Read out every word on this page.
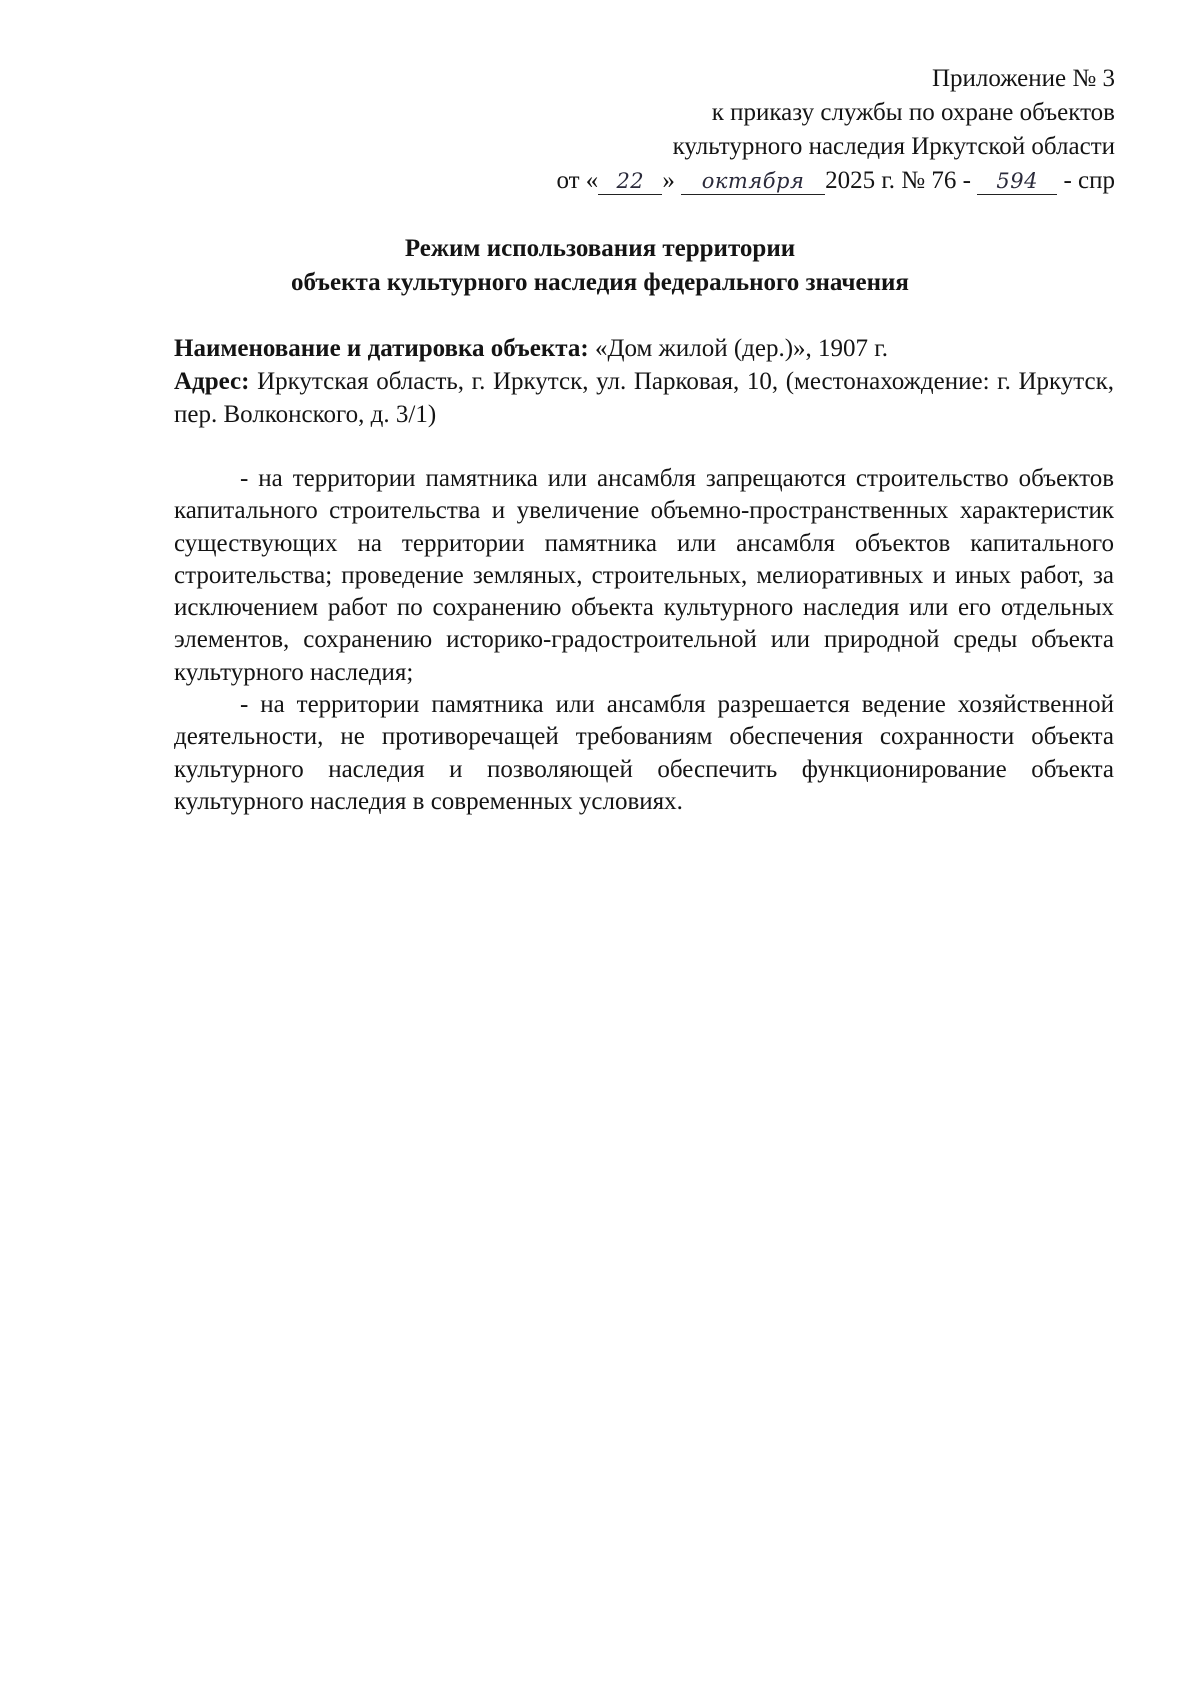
Приложение № 3
к приказу службы по охране объектов
культурного наследия Иркутской области
от « 22 » октября 2025 г. № 76 - 594 - спр
Режим использования территории
объекта культурного наследия федерального значения

Наименование и датировка объекта: «Дом жилой (дер.)», 1907 г.

Адрес: Иркутская область, г. Иркутск, ул. Парковая, 10, (местонахождение: г. Иркутск, пер. Волконского, д. 3/1)

- на территории памятника или ансамбля запрещаются строительство объектов капитального строительства и увеличение объемно-пространственных характеристик существующих на территории памятника или ансамбля объектов капитального строительства; проведение земляных, строительных, мелиоративных и иных работ, за исключением работ по сохранению объекта культурного наследия или его отдельных элементов, сохранению историко-градостроительной или природной среды объекта культурного наследия;

- на территории памятника или ансамбля разрешается ведение хозяйственной деятельности, не противоречащей требованиям обеспечения сохранности объекта культурного наследия и позволяющей обеспечить функционирование объекта культурного наследия в современных условиях.
